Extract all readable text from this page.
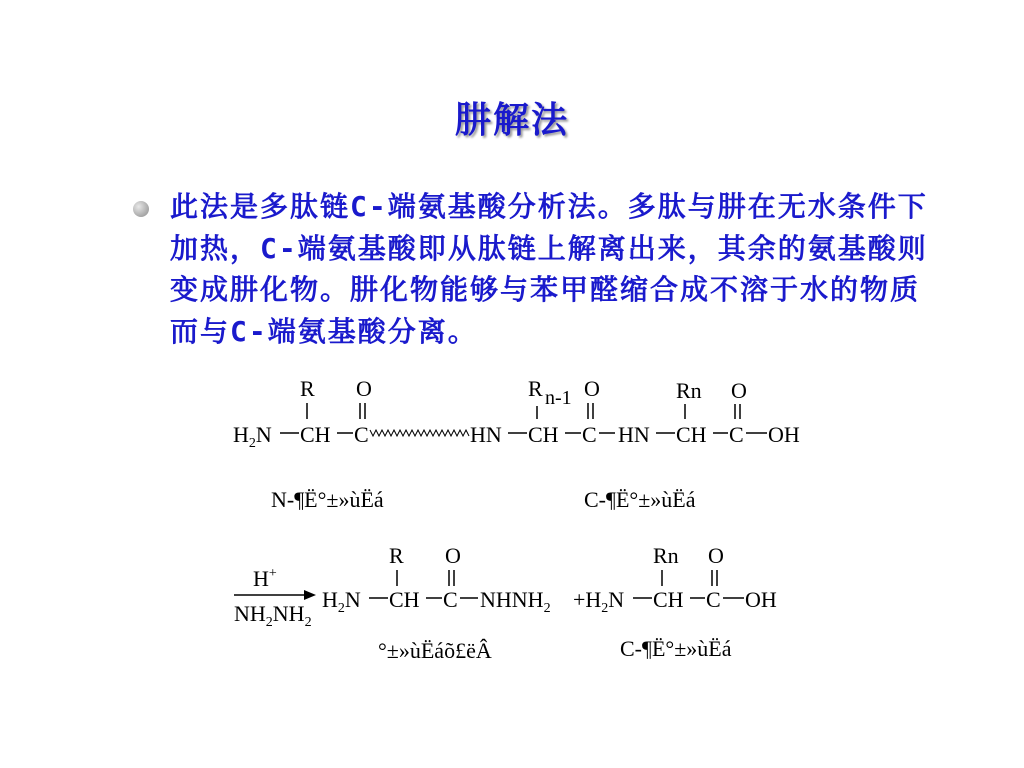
肼解法
此法是多肽链C-端氨基酸分析法。多肽与肼在无水条件下加热，C-端氨基酸即从肽链上解离出来，其余的氨基酸则变成肼化物。肼化物能够与苯甲醛缩合成不溶于水的物质而与C-端氨基酸分离。
R O
$H_2N$ CH C	HN
R n-1 O
CH C HN
Rn O
CH C OH
N-¶Ë°±»ùËá	C-¶Ë°±»ùËá
H+
$NH_2NH_2$
R O
$H_2N$ CH C $NHNH_2$
Rn O
$+H_2N$ CH C OH
°±»ùËáõ£ëÂ	C-¶Ë°±»ùËá
